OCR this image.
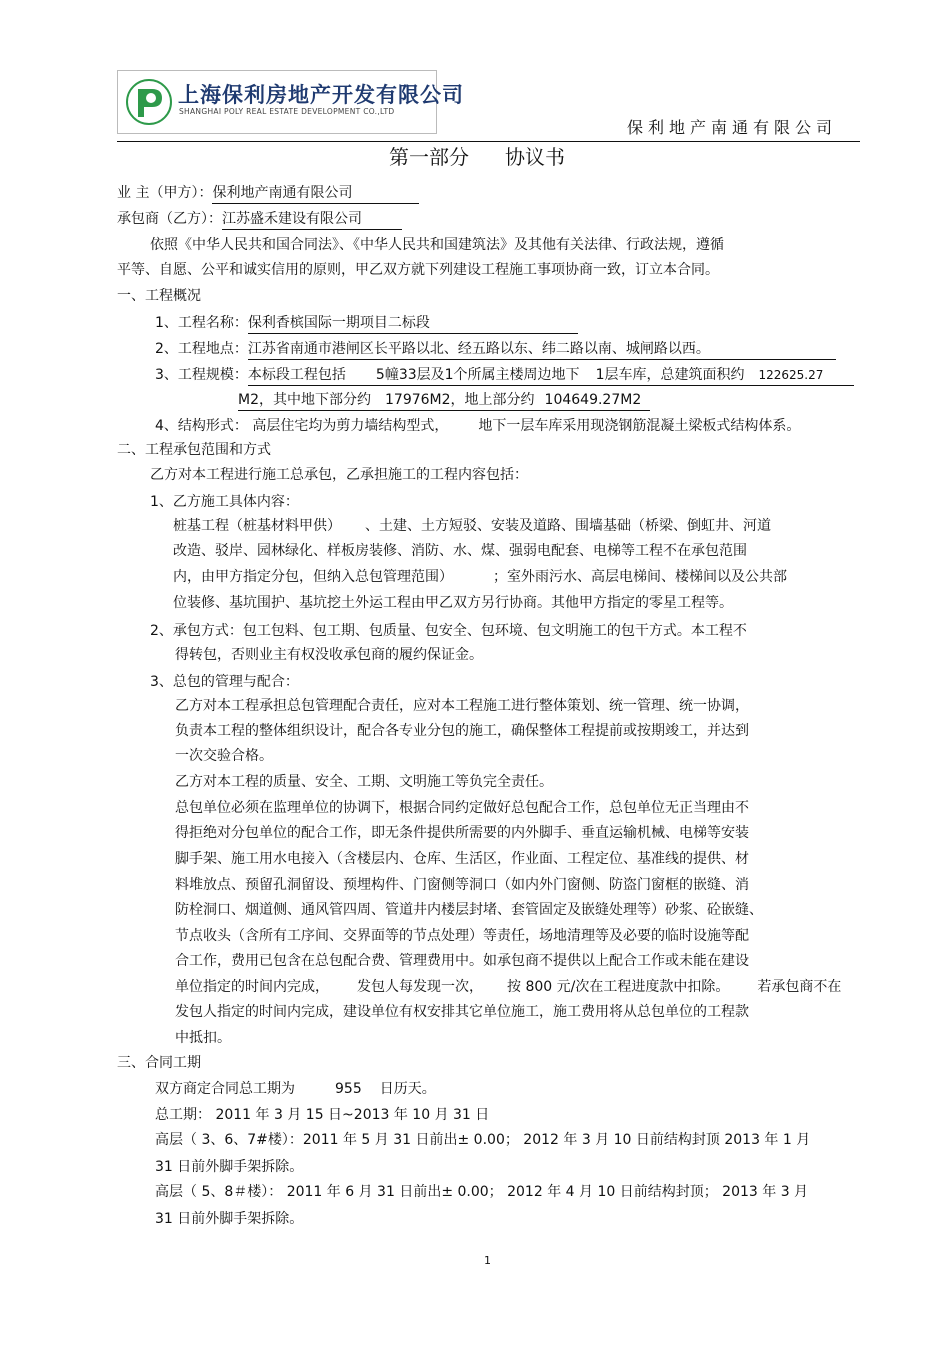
上海保利房地产开发有限公司
SHANGHAI POLY REAL ESTATE DEVELOPMENT CO.,LTD
保利地产南通有限公司
第一部分 协议书
业 主（甲方）：保利地产南通有限公司
承包商（乙方）：江苏盛禾建设有限公司
依照《中华人民共和国合同法》、《中华人民共和国建筑法》及其他有关法律、行政法规，遵循
平等、自愿、公平和诚实信用的原则，甲乙双方就下列建设工程施工事项协商一致，订立本合同。
一、工程概况
1、工程名称：保利香槟国际一期项目二标段
2、工程地点：江苏省南通市港闸区长平路以北、经五路以东、纬二路以南、城闸路以西。
3、工程规模：本标段工程包括 5幢33层及1个所属主楼周边地下 1层车库，总建筑面积约 122625.27
M2，其中地下部分约 17976M2，地上部分约 104649.27M2
4、结构形式： 高层住宅均为剪力墙结构型式， 地下一层车库采用现浇钢筋混凝土梁板式结构体系。
二、工程承包范围和方式
乙方对本工程进行施工总承包，乙承担施工的工程内容包括：
1、乙方施工具体内容：
桩基工程（桩基材料甲供） 、土建、土方短驳、安装及道路、围墙基础（桥梁、倒虹井、河道
改造、驳岸、园林绿化、样板房装修、消防、水、煤、强弱电配套、电梯等工程不在承包范围
内，由甲方指定分包，但纳入总包管理范围）	；室外雨污水、高层电梯间、楼梯间以及公共部
位装修、基坑围护、基坑挖土外运工程由甲乙双方另行协商。其他甲方指定的零星工程等。
2、承包方式：包工包料、包工期、包质量、包安全、包环境、包文明施工的包干方式。本工程不
得转包，否则业主有权没收承包商的履约保证金。
3、总包的管理与配合：
乙方对本工程承担总包管理配合责任，应对本工程施工进行整体策划、统一管理、统一协调，
负责本工程的整体组织设计，配合各专业分包的施工，确保整体工程提前或按期竣工，并达到
一次交验合格。
乙方对本工程的质量、安全、工期、文明施工等负完全责任。
总包单位必须在监理单位的协调下，根据合同约定做好总包配合工作，总包单位无正当理由不
得拒绝对分包单位的配合工作，即无条件提供所需要的内外脚手、垂直运输机械、电梯等安装
脚手架、施工用水电接入（含楼层内、仓库、生活区，作业面、工程定位、基准线的提供、材
料堆放点、预留孔洞留设、预埋构件、门窗侧等洞口（如内外门窗侧、防盗门窗框的嵌缝、消
防栓洞口、烟道侧、通风管四周、管道井内楼层封堵、套管固定及嵌缝处理等）砂浆、砼嵌缝、
节点收头（含所有工序间、交界面等的节点处理）等责任，场地清理等及必要的临时设施等配
合工作，费用已包含在总包配合费、管理费用中。如承包商不提供以上配合工作或未能在建设
单位指定的时间内完成， 发包人每发现一次， 按 800 元/次在工程进度款中扣除。 若承包商不在
发包人指定的时间内完成，建设单位有权安排其它单位施工，施工费用将从总包单位的工程款
中抵扣。
三、合同工期
双方商定合同总工期为	955 日历天。
总工期： 2011 年 3 月 15 日~2013 年 10 月 31 日
高层（ 3、6、7#楼）：2011 年 5 月 31 日前出± 0.00； 2012 年 3 月 10 日前结构封顶 2013 年 1 月
31 日前外脚手架拆除。
高层（ 5、8＃楼）： 2011 年 6 月 31 日前出± 0.00； 2012 年 4 月 10 日前结构封顶； 2013 年 3 月
31 日前外脚手架拆除。
1
